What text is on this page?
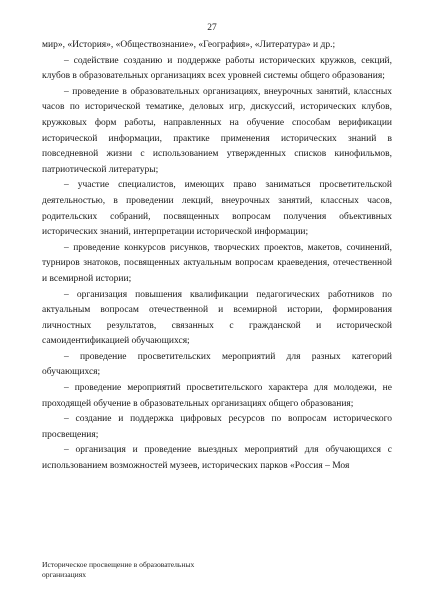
27

мир», «История», «Обществознание», «География», «Литература» и др.;

– содействие созданию и поддержке работы исторических кружков, секций, клубов в образовательных организациях всех уровней системы общего образования;

– проведение в образовательных организациях, внеурочных занятий, классных часов по исторической тематике, деловых игр, дискуссий, исторических клубов, кружковых форм работы, направленных на обучение способам верификации исторической информации, практике применения исторических знаний в повседневной жизни с использованием утвержденных списков кинофильмов, патриотической литературы;

– участие специалистов, имеющих право заниматься просветительской деятельностью, в проведении лекций, внеурочных занятий, классных часов, родительских собраний, посвященных вопросам получения объективных исторических знаний, интерпретации исторической информации;

– проведение конкурсов рисунков, творческих проектов, макетов, сочинений, турниров знатоков, посвященных актуальным вопросам краеведения, отечественной и всемирной истории;

– организация повышения квалификации педагогических работников по актуальным вопросам отечественной и всемирной истории, формирования личностных результатов, связанных с гражданской и исторической самоидентификацией обучающихся;

– проведение просветительских мероприятий для разных категорий обучающихся;

– проведение мероприятий просветительского характера для молодежи, не проходящей обучение в образовательных организациях общего образования;

– создание и поддержка цифровых ресурсов по вопросам исторического просвещения;

– организация и проведение выездных мероприятий для обучающихся с использованием возможностей музеев, исторических парков «Россия – Моя

Историческое просвещение в образовательных
организациях
